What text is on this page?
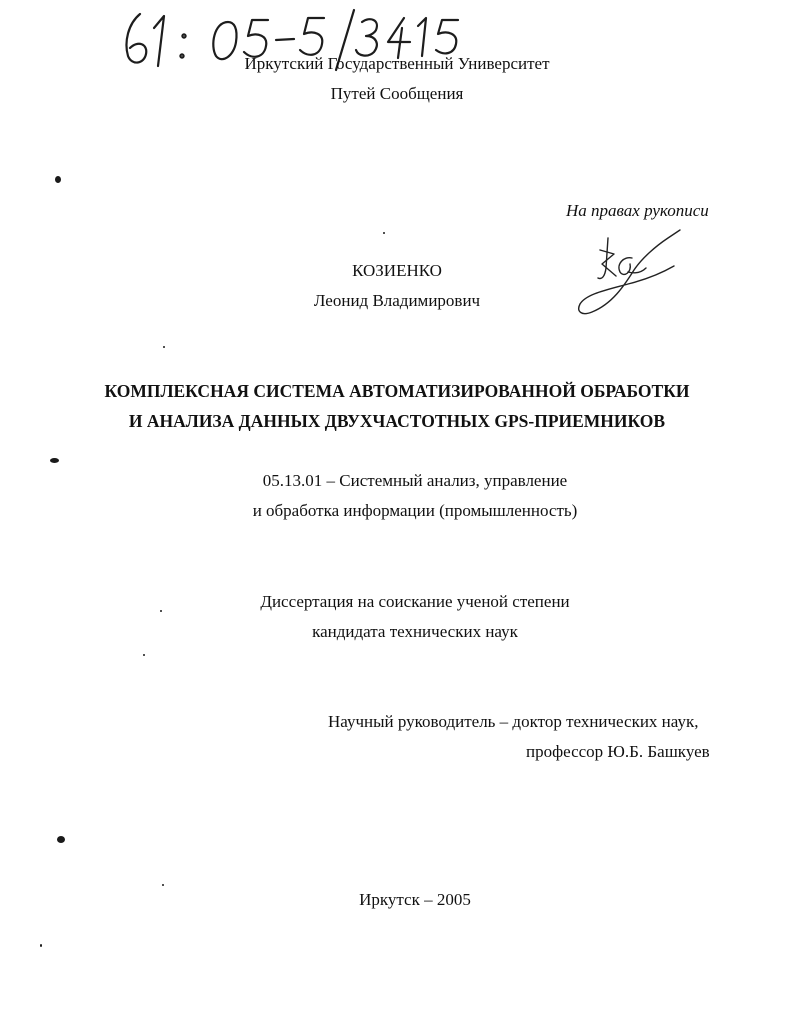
Иркутский Государственный Университет
Путей Сообщения
На правах рукописи
КОЗИЕНКО
Леонид Владимирович
КОМПЛЕКСНАЯ СИСТЕМА АВТОМАТИЗИРОВАННОЙ ОБРАБОТКИ
И АНАЛИЗА ДАННЫХ ДВУХЧАСТОТНЫХ GPS-ПРИЕМНИКОВ
05.13.01 – Системный анализ, управление
и обработка информации (промышленность)
Диссертация на соискание ученой степени
кандидата технических наук
Научный руководитель – доктор технических наук,
профессор Ю.Б. Башкуев
Иркутск – 2005
